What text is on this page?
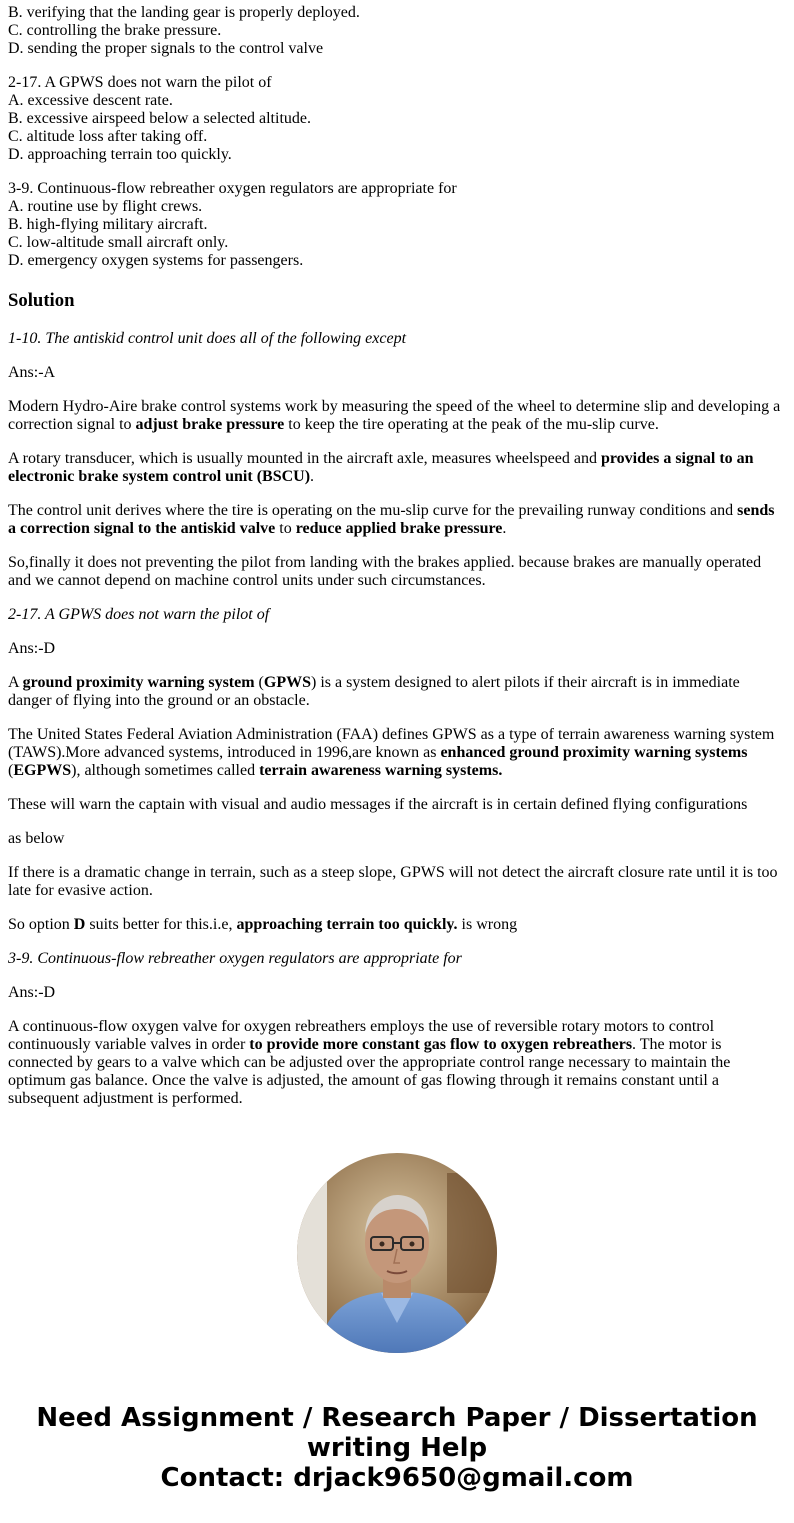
B. verifying that the landing gear is properly deployed.
C. controlling the brake pressure.
D. sending the proper signals to the control valve
2-17. A GPWS does not warn the pilot of
A. excessive descent rate.
B. excessive airspeed below a selected altitude.
C. altitude loss after taking off.
D. approaching terrain too quickly.
3-9. Continuous-flow rebreather oxygen regulators are appropriate for
A. routine use by flight crews.
B. high-flying military aircraft.
C. low-altitude small aircraft only.
D. emergency oxygen systems for passengers.
Solution

1-10. The antiskid control unit does all of the following except

Ans:-A

Modern Hydro-Aire brake control systems work by measuring the speed of the wheel to determine slip and developing a correction signal to adjust brake pressure to keep the tire operating at the peak of the mu-slip curve.

A rotary transducer, which is usually mounted in the aircraft axle, measures wheelspeed and provides a signal to an electronic brake system control unit (BSCU).

The control unit derives where the tire is operating on the mu-slip curve for the prevailing runway conditions and sends a correction signal to the antiskid valve to reduce applied brake pressure.

So,finally it does not preventing the pilot from landing with the brakes applied. because brakes are manually operated and we cannot depend on machine control units under such circumstances.

2-17. A GPWS does not warn the pilot of

Ans:-D

A ground proximity warning system (GPWS) is a system designed to alert pilots if their aircraft is in immediate danger of flying into the ground or an obstacle.

The United States Federal Aviation Administration (FAA) defines GPWS as a type of terrain awareness warning system (TAWS).More advanced systems, introduced in 1996,are known as enhanced ground proximity warning systems (EGPWS), although sometimes called terrain awareness warning systems.

These will warn the captain with visual and audio messages if the aircraft is in certain defined flying configurations

as below

If there is a dramatic change in terrain, such as a steep slope, GPWS will not detect the aircraft closure rate until it is too late for evasive action.

So option D suits better for this.i.e, approaching terrain too quickly. is wrong

3-9. Continuous-flow rebreather oxygen regulators are appropriate for

Ans:-D

A continuous-flow oxygen valve for oxygen rebreathers employs the use of reversible rotary motors to control continuously variable valves in order to provide more constant gas flow to oxygen rebreathers. The motor is connected by gears to a valve which can be adjusted over the appropriate control range necessary to maintain the optimum gas balance. Once the valve is adjusted, the amount of gas flowing through it remains constant until a subsequent adjustment is performed.

Need Assignment / Research Paper / Dissertation writing Help
Contact: drjack9650@gmail.com
